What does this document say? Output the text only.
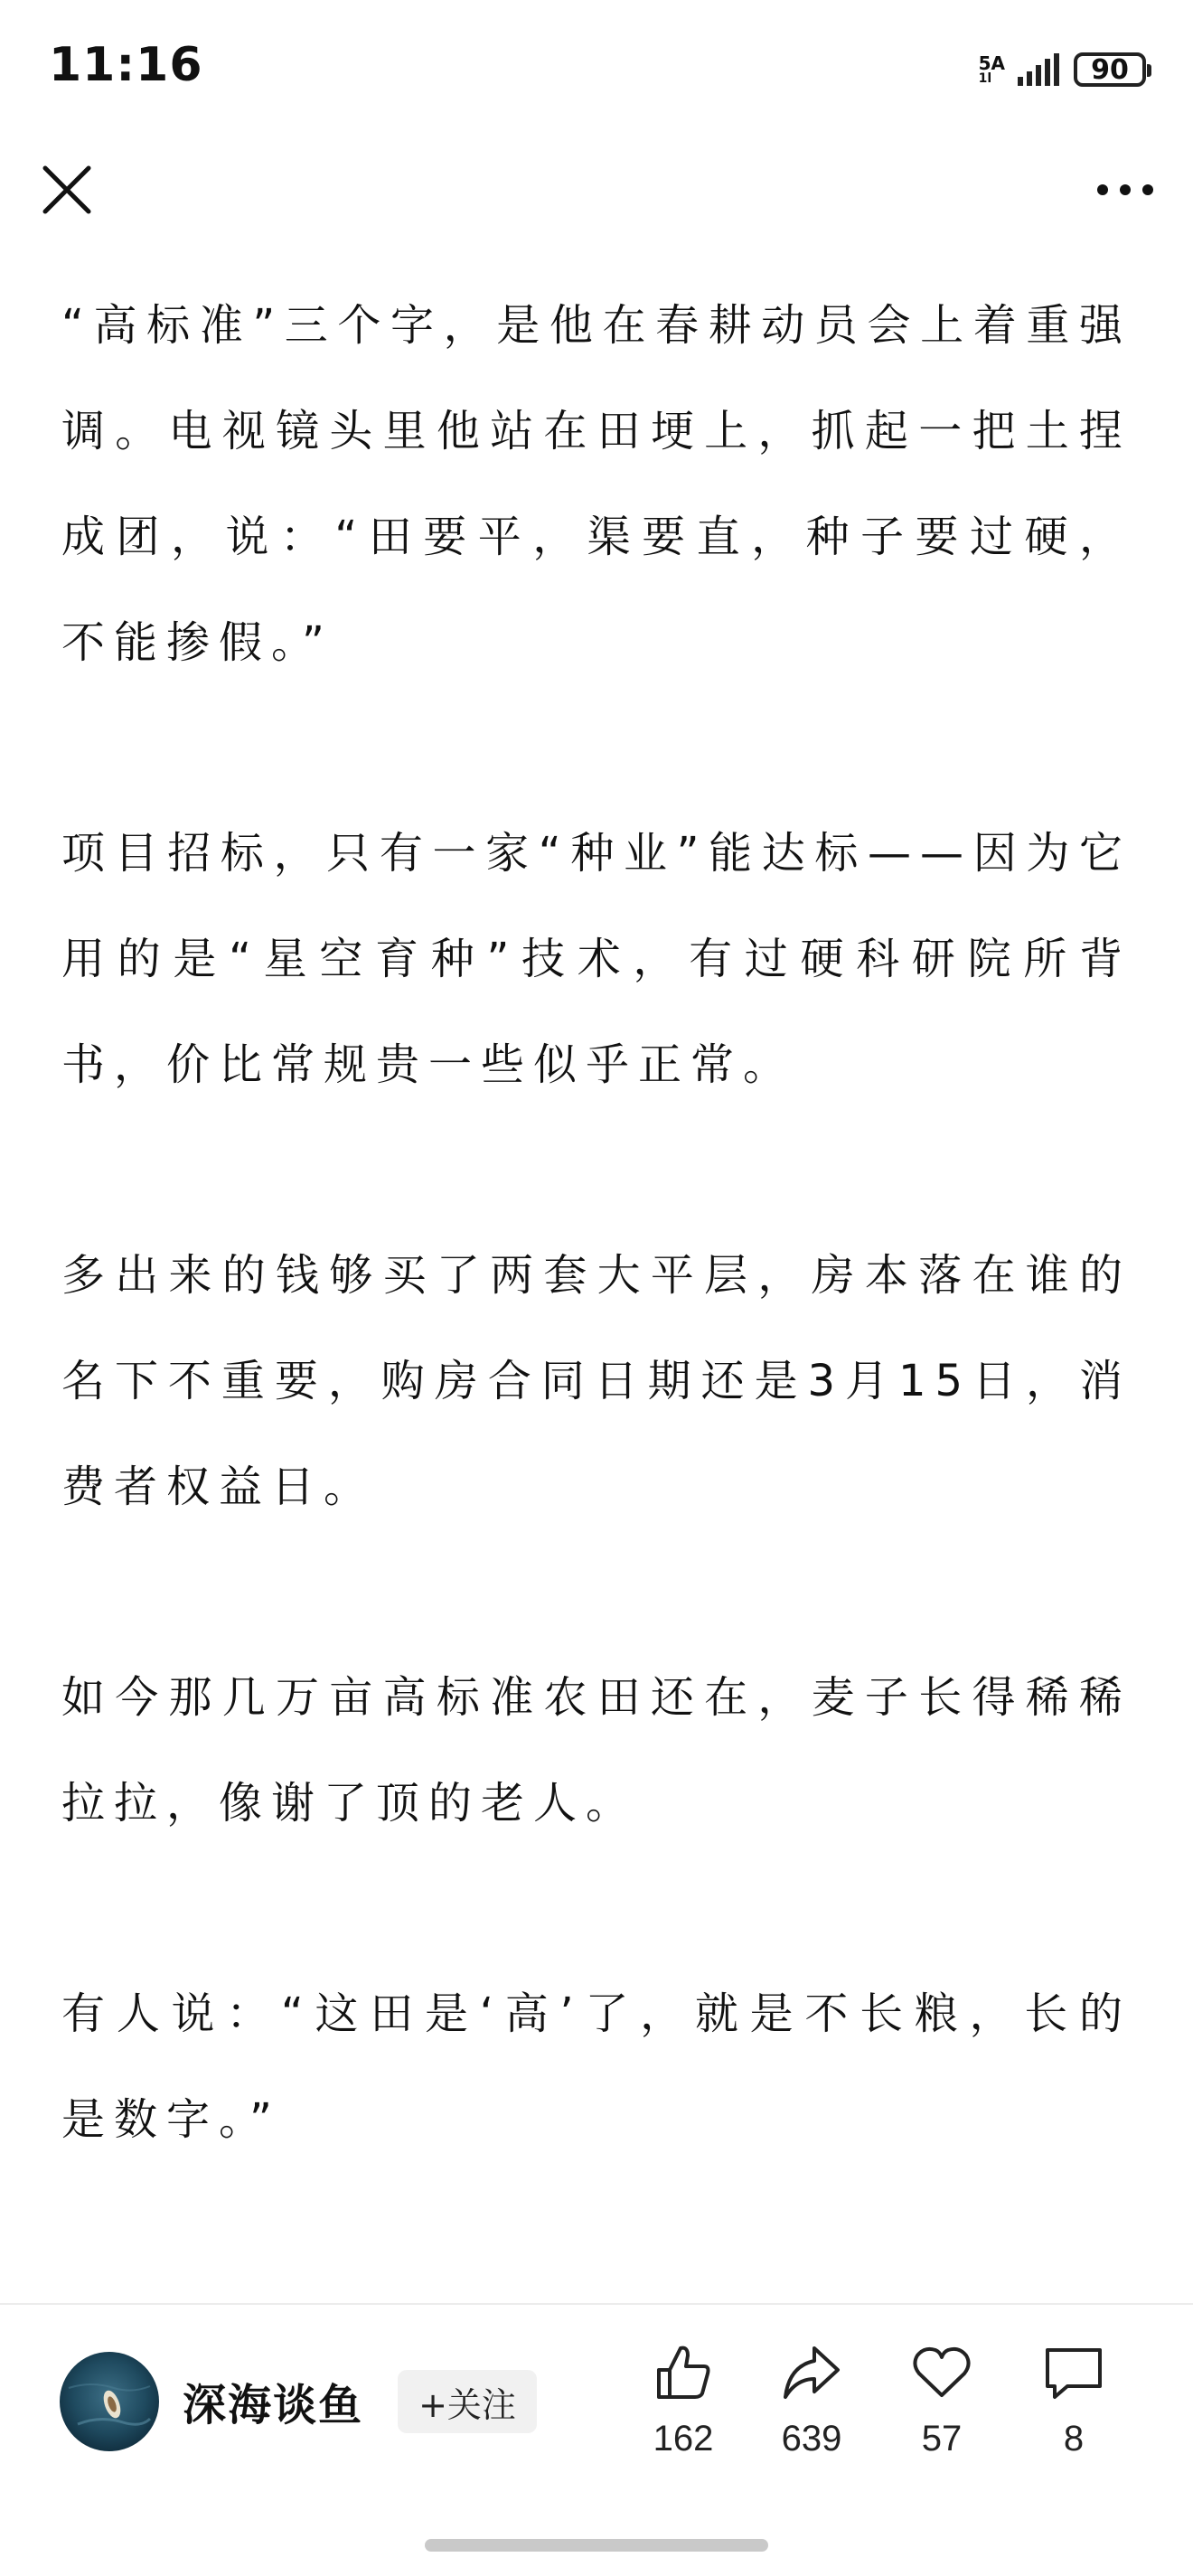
11:16	5A
1l	90

“高标准”三个字，是他在春耕动员会上着重强调。电视镜头里他站在田埂上，抓起一把土捏成团，说：“田要平，渠要直，种子要过硬，不能掺假。”

项目招标，只有一家“种业”能达标——因为它用的是“星空育种”技术，有过硬科研院所背书，价比常规贵一些似乎正常。

多出来的钱够买了两套大平层，房本落在谁的名下不重要，购房合同日期还是3月15日，消费者权益日。

如今那几万亩高标准农田还在，麦子长得稀稀拉拉，像谢了顶的老人。

有人说：“这田是‘高’了，就是不长粮，长的是数字。”

深海谈鱼	+关注
162 639 57	8
